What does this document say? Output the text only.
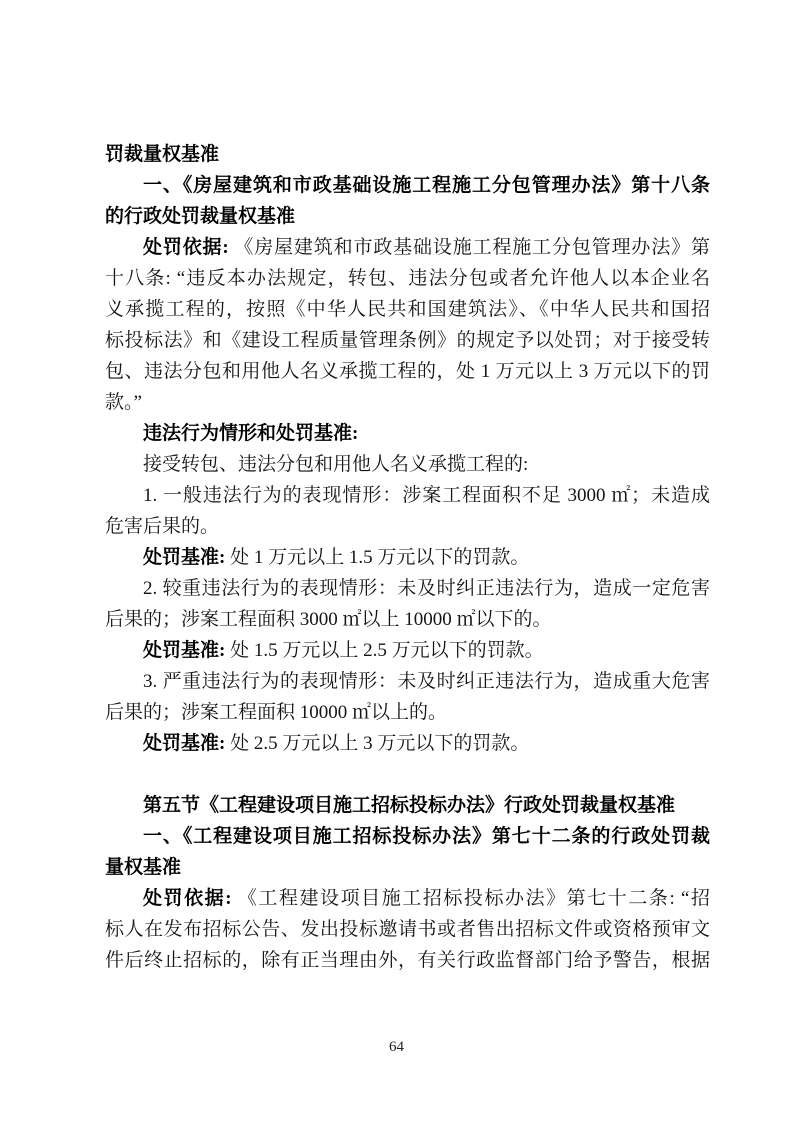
罚裁量权基准
一、《房屋建筑和市政基础设施工程施工分包管理办法》第十八条
的行政处罚裁量权基准
处罚依据: 《房屋建筑和市政基础设施工程施工分包管理办法》第
十八条: “违反本办法规定，转包、违法分包或者允许他人以本企业名
义承揽工程的，按照《中华人民共和国建筑法》、《中华人民共和国招
标投标法》和《建设工程质量管理条例》的规定予以处罚；对于接受转
包、违法分包和用他人名义承揽工程的，处 1 万元以上 3 万元以下的罚
款。”
违法行为情形和处罚基准:
接受转包、违法分包和用他人名义承揽工程的:
1. 一般违法行为的表现情形：涉案工程面积不足 3000 ㎡；未造成
危害后果的。
处罚基准: 处 1 万元以上 1.5 万元以下的罚款。
2. 较重违法行为的表现情形：未及时纠正违法行为，造成一定危害
后果的；涉案工程面积 3000 ㎡以上 10000 ㎡以下的。
处罚基准: 处 1.5 万元以上 2.5 万元以下的罚款。
3. 严重违法行为的表现情形：未及时纠正违法行为，造成重大危害
后果的；涉案工程面积 10000 ㎡以上的。
处罚基准: 处 2.5 万元以上 3 万元以下的罚款。
第五节《工程建设项目施工招标投标办法》行政处罚裁量权基准
一、《工程建设项目施工招标投标办法》第七十二条的行政处罚裁
量权基准
处罚依据: 《工程建设项目施工招标投标办法》第七十二条: “招
标人在发布招标公告、发出投标邀请书或者售出招标文件或资格预审文
件后终止招标的，除有正当理由外，有关行政监督部门给予警告，根据
64
